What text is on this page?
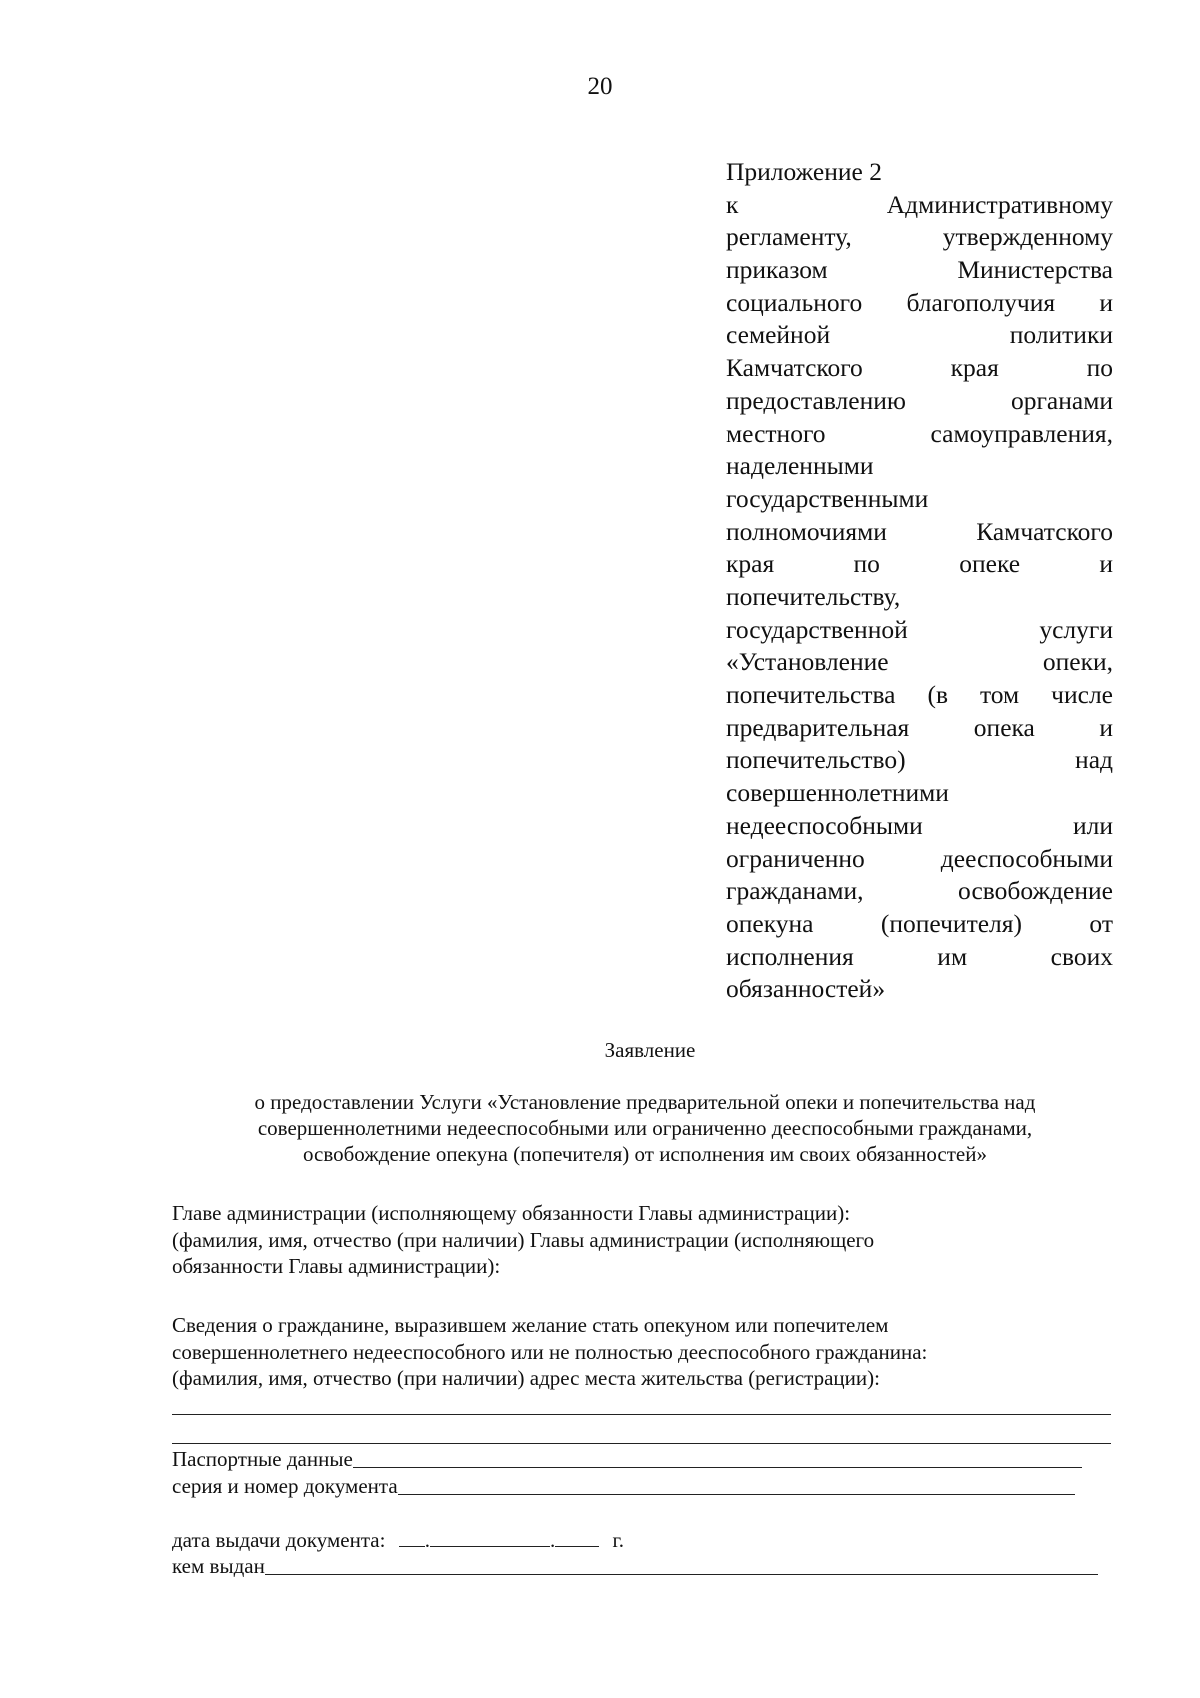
20
Приложение 2
к Административному
регламенту, утвержденному
приказом Министерства
социального благополучия и
семейной политики
Камчатского края по
предоставлению органами
местного самоуправления,
наделенными
государственными
полномочиями Камчатского
края по опеке и
попечительству,
государственной услуги
«Установление опеки,
попечительства (в том числе
предварительная опека и
попечительство) над
совершеннолетними
недееспособными или
ограниченно дееспособными
гражданами, освобождение
опекуна (попечителя) от
исполнения им своих
обязанностей»
Заявление
о предоставлении Услуги «Установление предварительной опеки и попечительства над
совершеннолетними недееспособными или ограниченно дееспособными гражданами,
освобождение опекуна (попечителя) от исполнения им своих обязанностей»
Главе администрации (исполняющему обязанности Главы администрации):
(фамилия, имя, отчество (при наличии) Главы администрации (исполняющего
обязанности Главы администрации):
Сведения о гражданине, выразившем желание стать опекуном или попечителем
совершеннолетнего недееспособного или не полностью дееспособного гражданина:
(фамилия, имя, отчество (при наличии) адрес места жительства (регистрации):
Паспортные данные
серия и номер документа
дата выдачи документа: .	.	г.
кем выдан
